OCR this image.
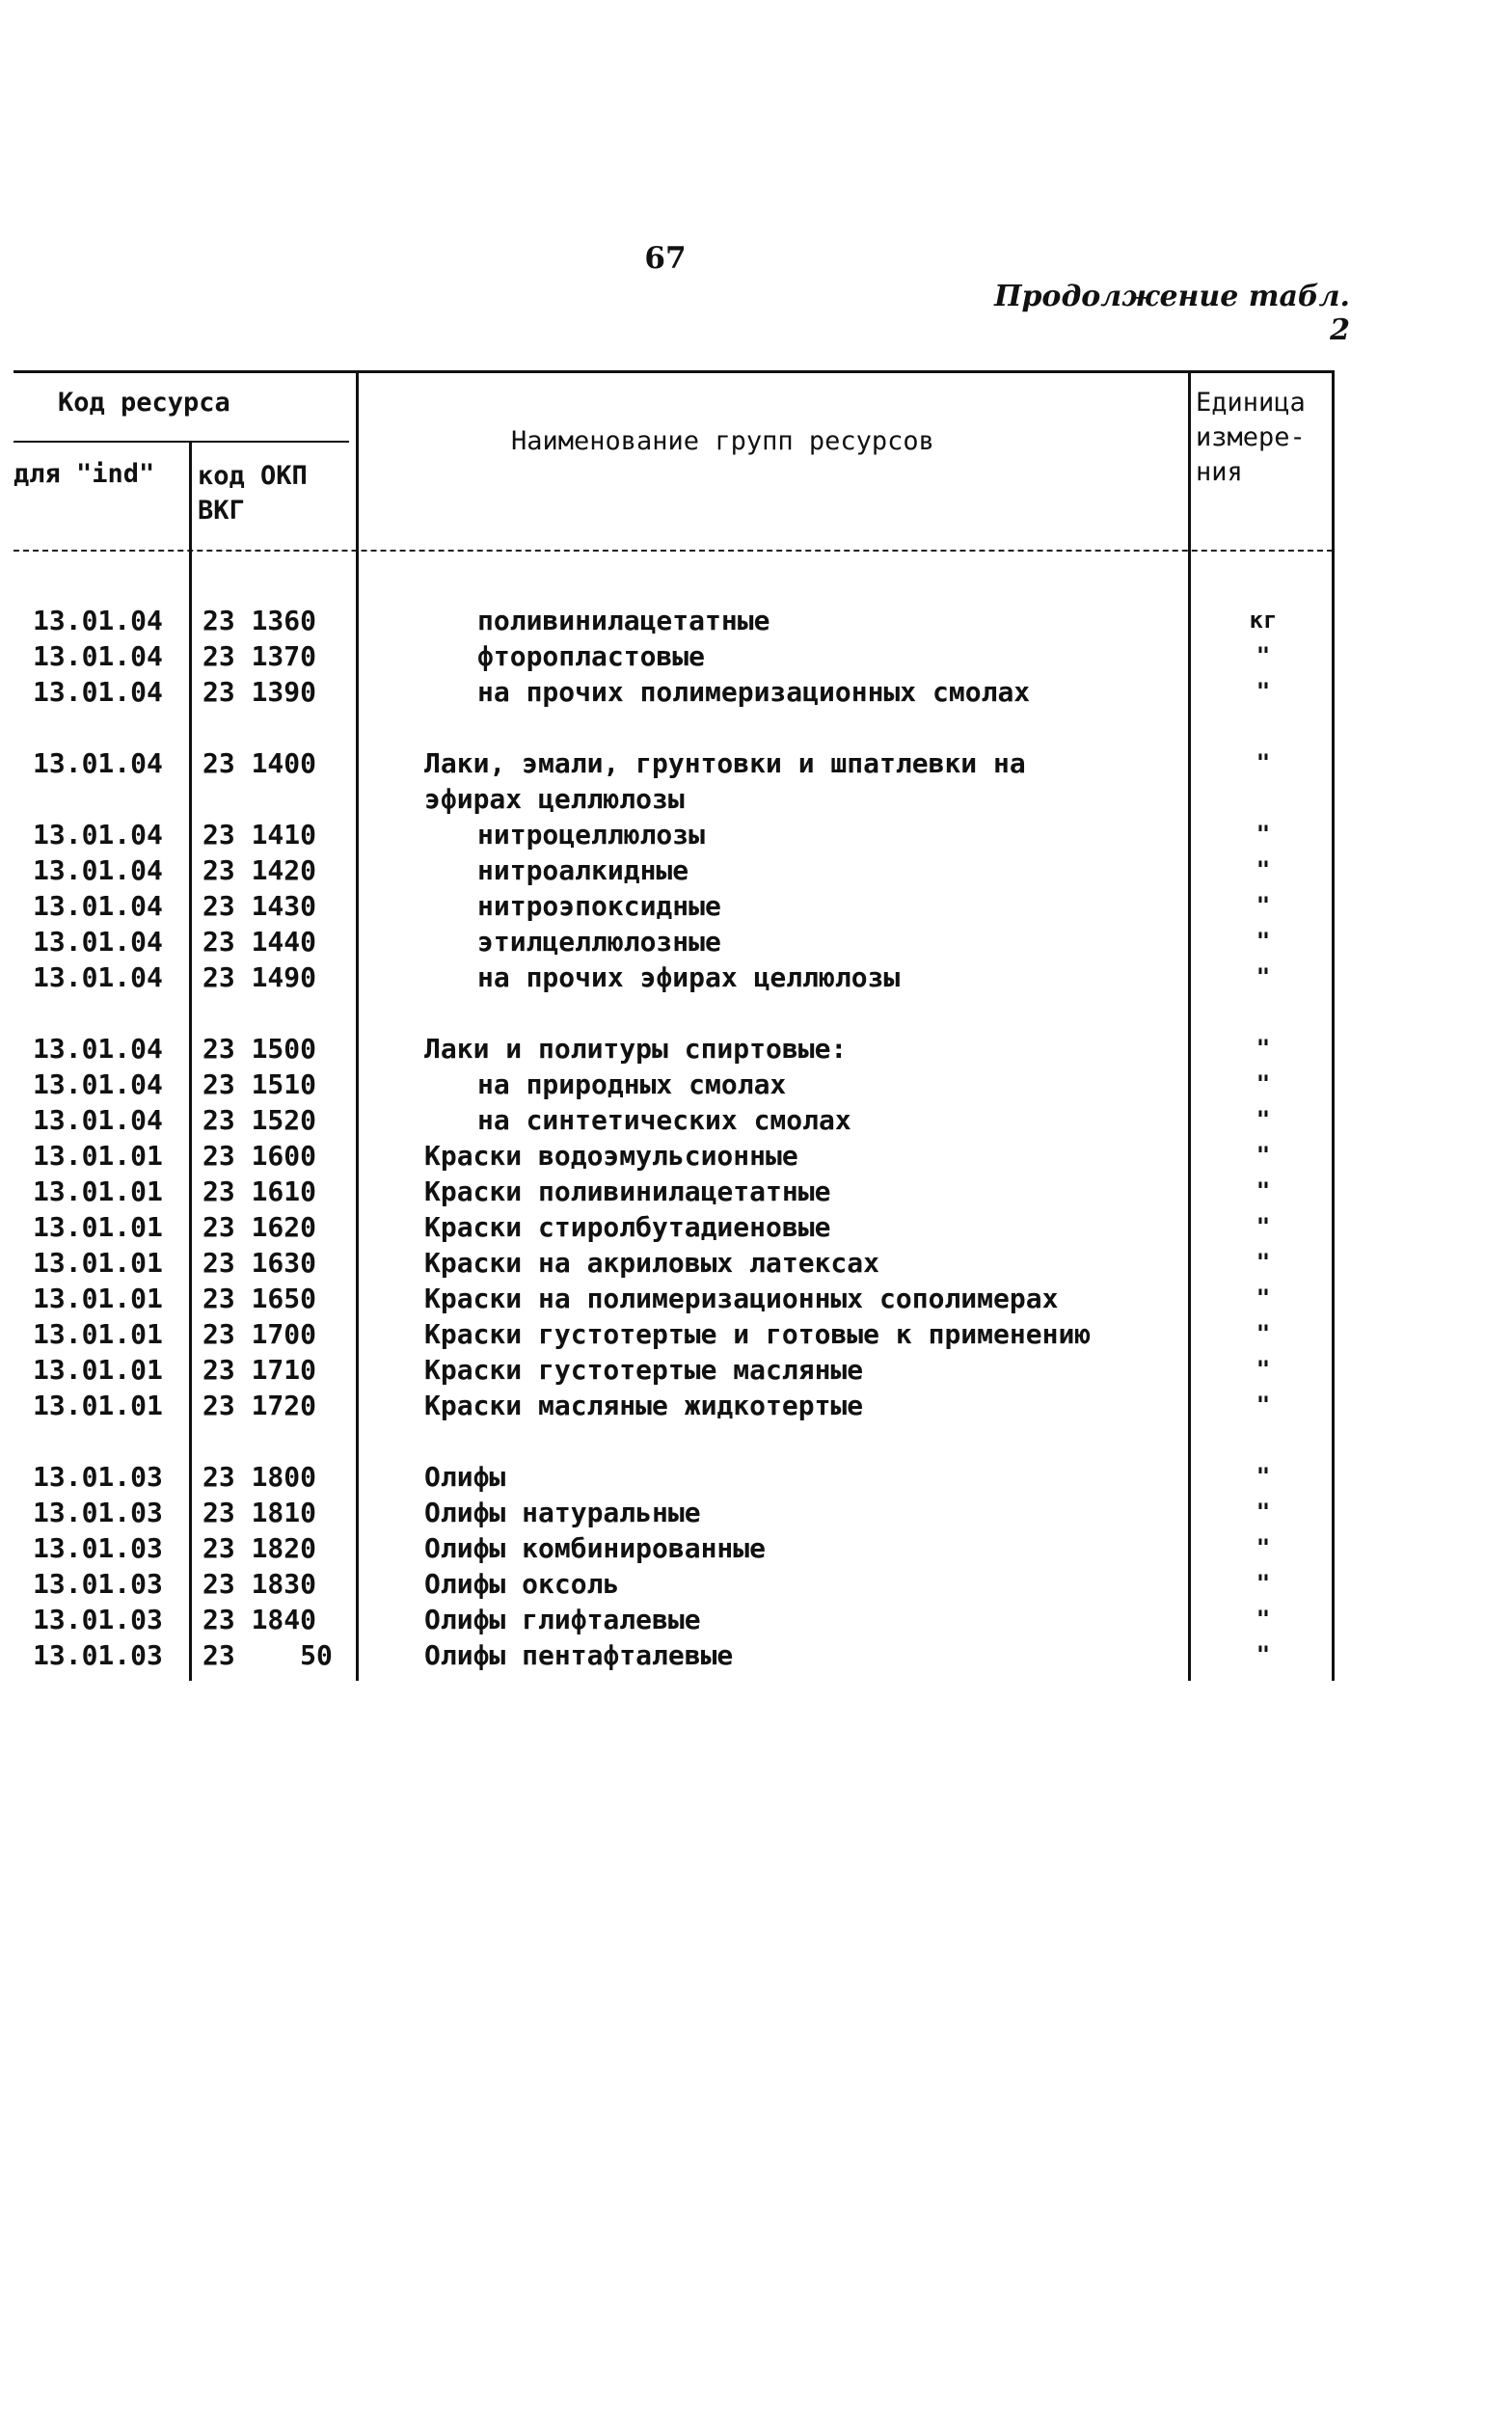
67
Продолжение табл. 2
Код ресурса
для "ind" код ОКП
ВКГ
Наименование групп ресурсов
Единица
измере-
ния
13.01.04	23 1360	поливинилацетатные	кг
13.01.04	23 1370	фторопластовые	"
13.01.04	23 1390	на прочих полимеризационных смолах	"
13.01.04	23 1400	Лаки, эмали, грунтовки и шпатлевки на	"
эфирах целлюлозы
13.01.04	23 1410	нитроцеллюлозы	"
13.01.04	23 1420	нитроалкидные	"
13.01.04	23 1430	нитроэпоксидные	"
13.01.04	23 1440	этилцеллюлозные	"
13.01.04	23 1490	на прочих эфирах целлюлозы	"
13.01.04	23 1500	Лаки и политуры спиртовые:	"
13.01.04	23 1510	на природных смолах	"
13.01.04	23 1520	на синтетических смолах	"
13.01.01	23 1600	Краски водоэмульсионные	"
13.01.01	23 1610	Краски поливинилацетатные	"
13.01.01	23 1620	Краски стиролбутадиеновые	"
13.01.01	23 1630	Краски на акриловых латексах	"
13.01.01	23 1650	Краски на полимеризационных сополимерах	"
13.01.01	23 1700	Краски густотертые и готовые к применению	"
13.01.01	23 1710	Краски густотертые масляные	"
13.01.01	23 1720	Краски масляные жидкотертые	"
13.01.03	23 1800	Олифы	"
13.01.03	23 1810	Олифы натуральные	"
13.01.03	23 1820	Олифы комбинированные	"
13.01.03	23 1830	Олифы оксоль	"
13.01.03	23 1840	Олифы глифталевые	"
13.01.03	23    50	Олифы пентафталевые	"
